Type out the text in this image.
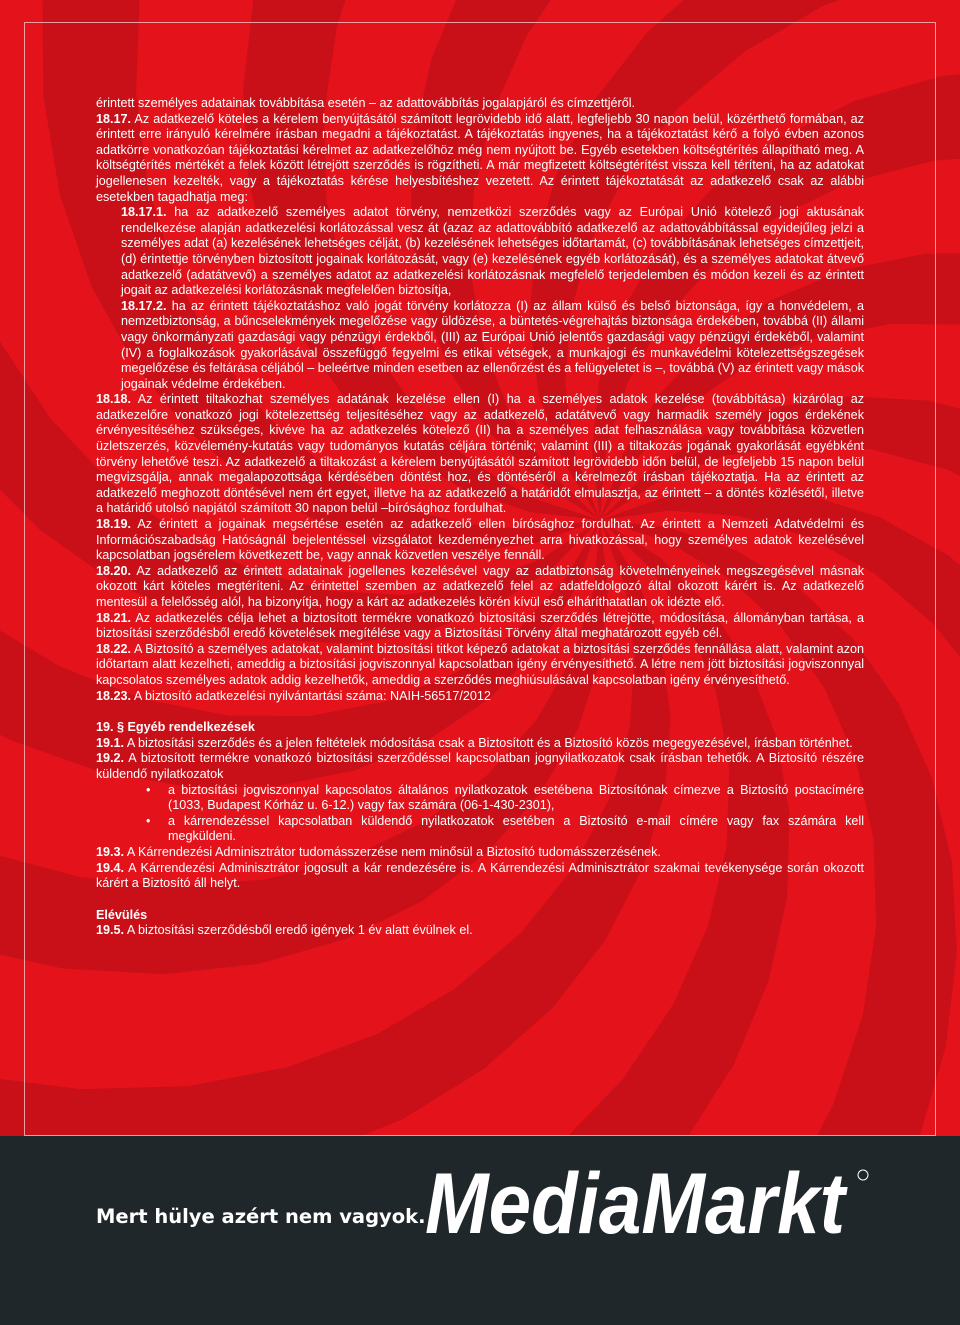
érintett személyes adatainak továbbítása esetén – az adattovábbítás jogalapjáról és címzettjéről.

18.17. Az adatkezelő köteles a kérelem benyújtásától számított legrövidebb idő alatt, legfeljebb 30 napon belül, közérthető formában, az érintett erre irányuló kérelmére írásban megadni a tájékoztatást. A tájékoztatás ingyenes, ha a tájékoztatást kérő a folyó évben azonos adatkörre vonatkozóan tájékoztatási kérelmet az adatkezelőhöz még nem nyújtott be. Egyéb esetekben költségtérítés állapítható meg. A költségtérítés mértékét a felek között létrejött szerződés is rögzítheti. A már megfizetett költségtérítést vissza kell téríteni, ha az adatokat jogellenesen kezelték, vagy a tájékoztatás kérése helyesbítéshez vezetett. Az érintett tájékoztatását az adatkezelő csak az alábbi esetekben tagadhatja meg:

18.17.1. ha az adatkezelő személyes adatot törvény, nemzetközi szerződés vagy az Európai Unió kötelező jogi aktusának rendelkezése alapján adatkezelési korlátozással vesz át (azaz az adattovábbító adatkezelő az adattovábbítással egyidejűleg jelzi a személyes adat (a) kezelésének lehetséges célját, (b) kezelésének lehetséges időtartamát, (c) továbbításának lehetséges címzettjeit, (d) érintettje törvényben biztosított jogainak korlátozását, vagy (e) kezelésének egyéb korlátozását), és a személyes adatokat átvevő adatkezelő (adatátvevő) a személyes adatot az adatkezelési korlátozásnak megfelelő terjedelemben és módon kezeli és az érintett jogait az adatkezelési korlátozásnak megfelelően biztosítja,

18.17.2. ha az érintett tájékoztatáshoz való jogát törvény korlátozza (I) az állam külső és belső biztonsága, így a honvédelem, a nemzetbiztonság, a bűncselekmények megelőzése vagy üldözése, a büntetés-végrehajtás biztonsága érdekében, továbbá (II) állami vagy önkormányzati gazdasági vagy pénzügyi érdekből, (III) az Európai Unió jelentős gazdasági vagy pénzügyi érdekéből, valamint (IV) a foglalkozások gyakorlásával összefüggő fegyelmi és etikai vétségek, a munkajogi és munkavédelmi kötelezettségszegések megelőzése és feltárása céljából – beleértve minden esetben az ellenőrzést és a felügyeletet is –, továbbá (V) az érintett vagy mások jogainak védelme érdekében.

18.18. Az érintett tiltakozhat személyes adatának kezelése ellen (I) ha a személyes adatok kezelése (továbbítása) kizárólag az adatkezelőre vonatkozó jogi kötelezettség teljesítéséhez vagy az adatkezelő, adatátvevő vagy harmadik személy jogos érdekének érvényesítéséhez szükséges, kivéve ha az adatkezelés kötelező (II) ha a személyes adat felhasználása vagy továbbítása közvetlen üzletszerzés, közvélemény-kutatás vagy tudományos kutatás céljára történik; valamint (III) a tiltakozás jogának gyakorlását egyébként törvény lehetővé teszi. Az adatkezelő a tiltakozást a kérelem benyújtásától számított legrövidebb időn belül, de legfeljebb 15 napon belül megvizsgálja, annak megalapozottsága kérdésében döntést hoz, és döntéséről a kérelmezőt írásban tájékoztatja. Ha az érintett az adatkezelő meghozott döntésével nem ért egyet, illetve ha az adatkezelő a határidőt elmulasztja, az érintett – a döntés közlésétől, illetve a határidő utolsó napjától számított 30 napon belül –bírósághoz fordulhat.

18.19. Az érintett a jogainak megsértése esetén az adatkezelő ellen bírósághoz fordulhat. Az érintett a Nemzeti Adatvédelmi és Információszabadság Hatóságnál bejelentéssel vizsgálatot kezdeményezhet arra hivatkozással, hogy személyes adatok kezelésével kapcsolatban jogsérelem következett be, vagy annak közvetlen veszélye fennáll.

18.20. Az adatkezelő az érintett adatainak jogellenes kezelésével vagy az adatbiztonság követelményeinek megszegésével másnak okozott kárt köteles megtéríteni. Az érintettel szemben az adatkezelő felel az adatfeldolgozó által okozott kárért is. Az adatkezelő mentesül a felelősség alól, ha bizonyítja, hogy a kárt az adatkezelés körén kívül eső elháríthatatlan ok idézte elő.

18.21. Az adatkezelés célja lehet a biztosított termékre vonatkozó biztosítási szerződés létrejötte, módosítása, állományban tartása, a biztosítási szerződésből eredő követelések megítélése vagy a Biztosítási Törvény által meghatározott egyéb cél.

18.22. A Biztosító a személyes adatokat, valamint biztosítási titkot képező adatokat a biztosítási szerződés fennállása alatt, valamint azon időtartam alatt kezelheti, ameddig a biztosítási jogviszonnyal kapcsolatban igény érvényesíthető. A létre nem jött biztosítási jogviszonnyal kapcsolatos személyes adatok addig kezelhetők, ameddig a szerződés meghiúsulásával kapcsolatban igény érvényesíthető.

18.23. A biztosító adatkezelési nyilvántartási száma: NAIH-56517/2012

19. § Egyéb rendelkezések

19.1. A biztosítási szerződés és a jelen feltételek módosítása csak a Biztosított és a Biztosító közös megegyezésével, írásban történhet.

19.2. A biztosított termékre vonatkozó biztosítási szerződéssel kapcsolatban jognyilatkozatok csak írásban tehetők. A Biztosító részére küldendő nyilatkozatok

• a biztosítási jogviszonnyal kapcsolatos általános nyilatkozatok esetébena Biztosítónak címezve a Biztosító postacímére (1033, Budapest Kórház u. 6-12.) vagy fax számára (06-1-430-2301),

• a kárrendezéssel kapcsolatban küldendő nyilatkozatok esetében a Biztosító e-mail címére vagy fax számára kell megküldeni.

19.3. A Kárrendezési Adminisztrátor tudomásszerzése nem minősül a Biztosító tudomásszerzésének.

19.4. A Kárrendezési Adminisztrátor jogosult a kár rendezésére is. A Kárrendezési Adminisztrátor szakmai tevékenysége során okozott kárért a Biztosító áll helyt.

Elévülés

19.5. A biztosítási szerződésből eredő igények 1 év alatt évülnek el.

Mert hülye azért nem vagyok. MediaMarkt
